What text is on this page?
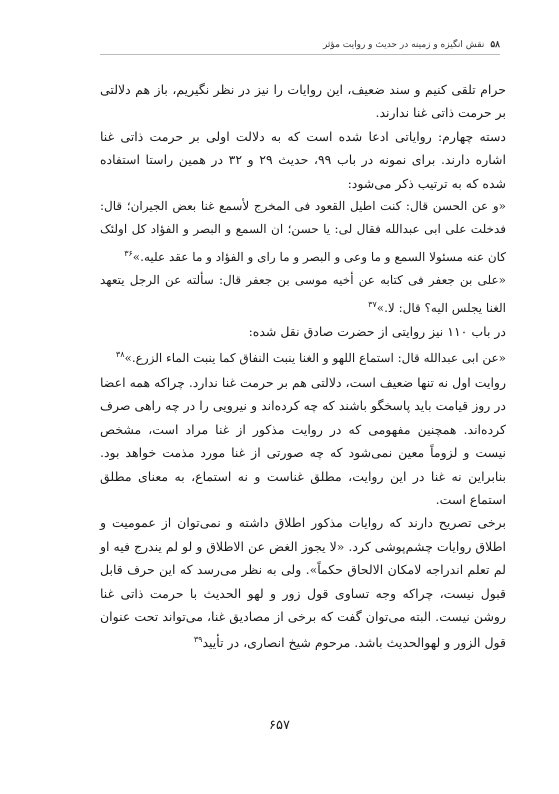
۵۸
نقش انگیزه و زمینه در حدیث و روایت مؤثر

حرام تلقی کنیم و سند ضعیف، این روایات را نیز در نظر نگیریم، باز هم دلالتی بر حرمت ذاتی غنا ندارند.

دسته چهارم: روایاتی ادعا شده است که به دلالت اولی بر حرمت ذاتی غنا اشاره دارند. برای نمونه در باب ۹۹، حدیث ۲۹ و ۳۲ در همین راستا استفاده شده که به ترتیب ذکر می‌شود:

«و عن الحسن قال: کنت اطیل القعود فی المخرج لأسمع غنا بعض الجیران؛ قال: فدخلت علی ابی عبدالله فقال لی: یا حسن؛ ان السمع و البصر و الفؤاد کل اولئک کان عنه مسئولا السمع و ما وعی و البصر و ما رای و الفؤاد و ما عقد علیه.»$^{۳۶}$

«علی بن جعفر فی کتابه عن أخیه موسی بن جعفر قال: سألته عن الرجل یتعهد الغنا یجلس الیه؟ قال: لا.»$^{۳۷}$

در باب ۱۱۰ نیز روایتی از حضرت صادق نقل شده:

«عن ابی عبدالله قال: استماع اللهو و الغنا ینبت النفاق کما ینبت الماء الزرع.»$^{۳۸}$

روایت اول نه تنها ضعیف است، دلالتی هم بر حرمت غنا ندارد. چراکه همه اعضا در روز قیامت باید پاسخگو باشند که چه کرده‌اند و نیرویی را در چه راهی صرف کرده‌اند. همچنین مفهومی که در روایت مذکور از غنا مراد است، مشخص نیست و لزوماً معین نمی‌شود که چه صورتی از غنا مورد مذمت خواهد بود. بنابراین نه غنا در این روایت، مطلق غناست و نه استماع، به معنای مطلق استماع است.

برخی تصریح دارند که روایات مذکور اطلاق داشته و نمی‌توان از عمومیت و اطلاق روایات چشم‌پوشی کرد. «لا یجوز الغض عن الاطلاق و لو لم یندرج فیه او لم تعلم اندراجه لامکان الالحاق حکماً». ولی به نظر می‌رسد که این حرف قابل قبول نیست، چراکه وجه تساوی قول زور و لهو الحدیث با حرمت ذاتی غنا روشن نیست. البته می‌توان گفت که برخی از مصادیق غنا، می‌تواند تحت عنوان قول الزور و لهوالحدیث باشد. مرحوم شیخ انصاری، در تأیید$^{۳۹}$

۶۵۷
